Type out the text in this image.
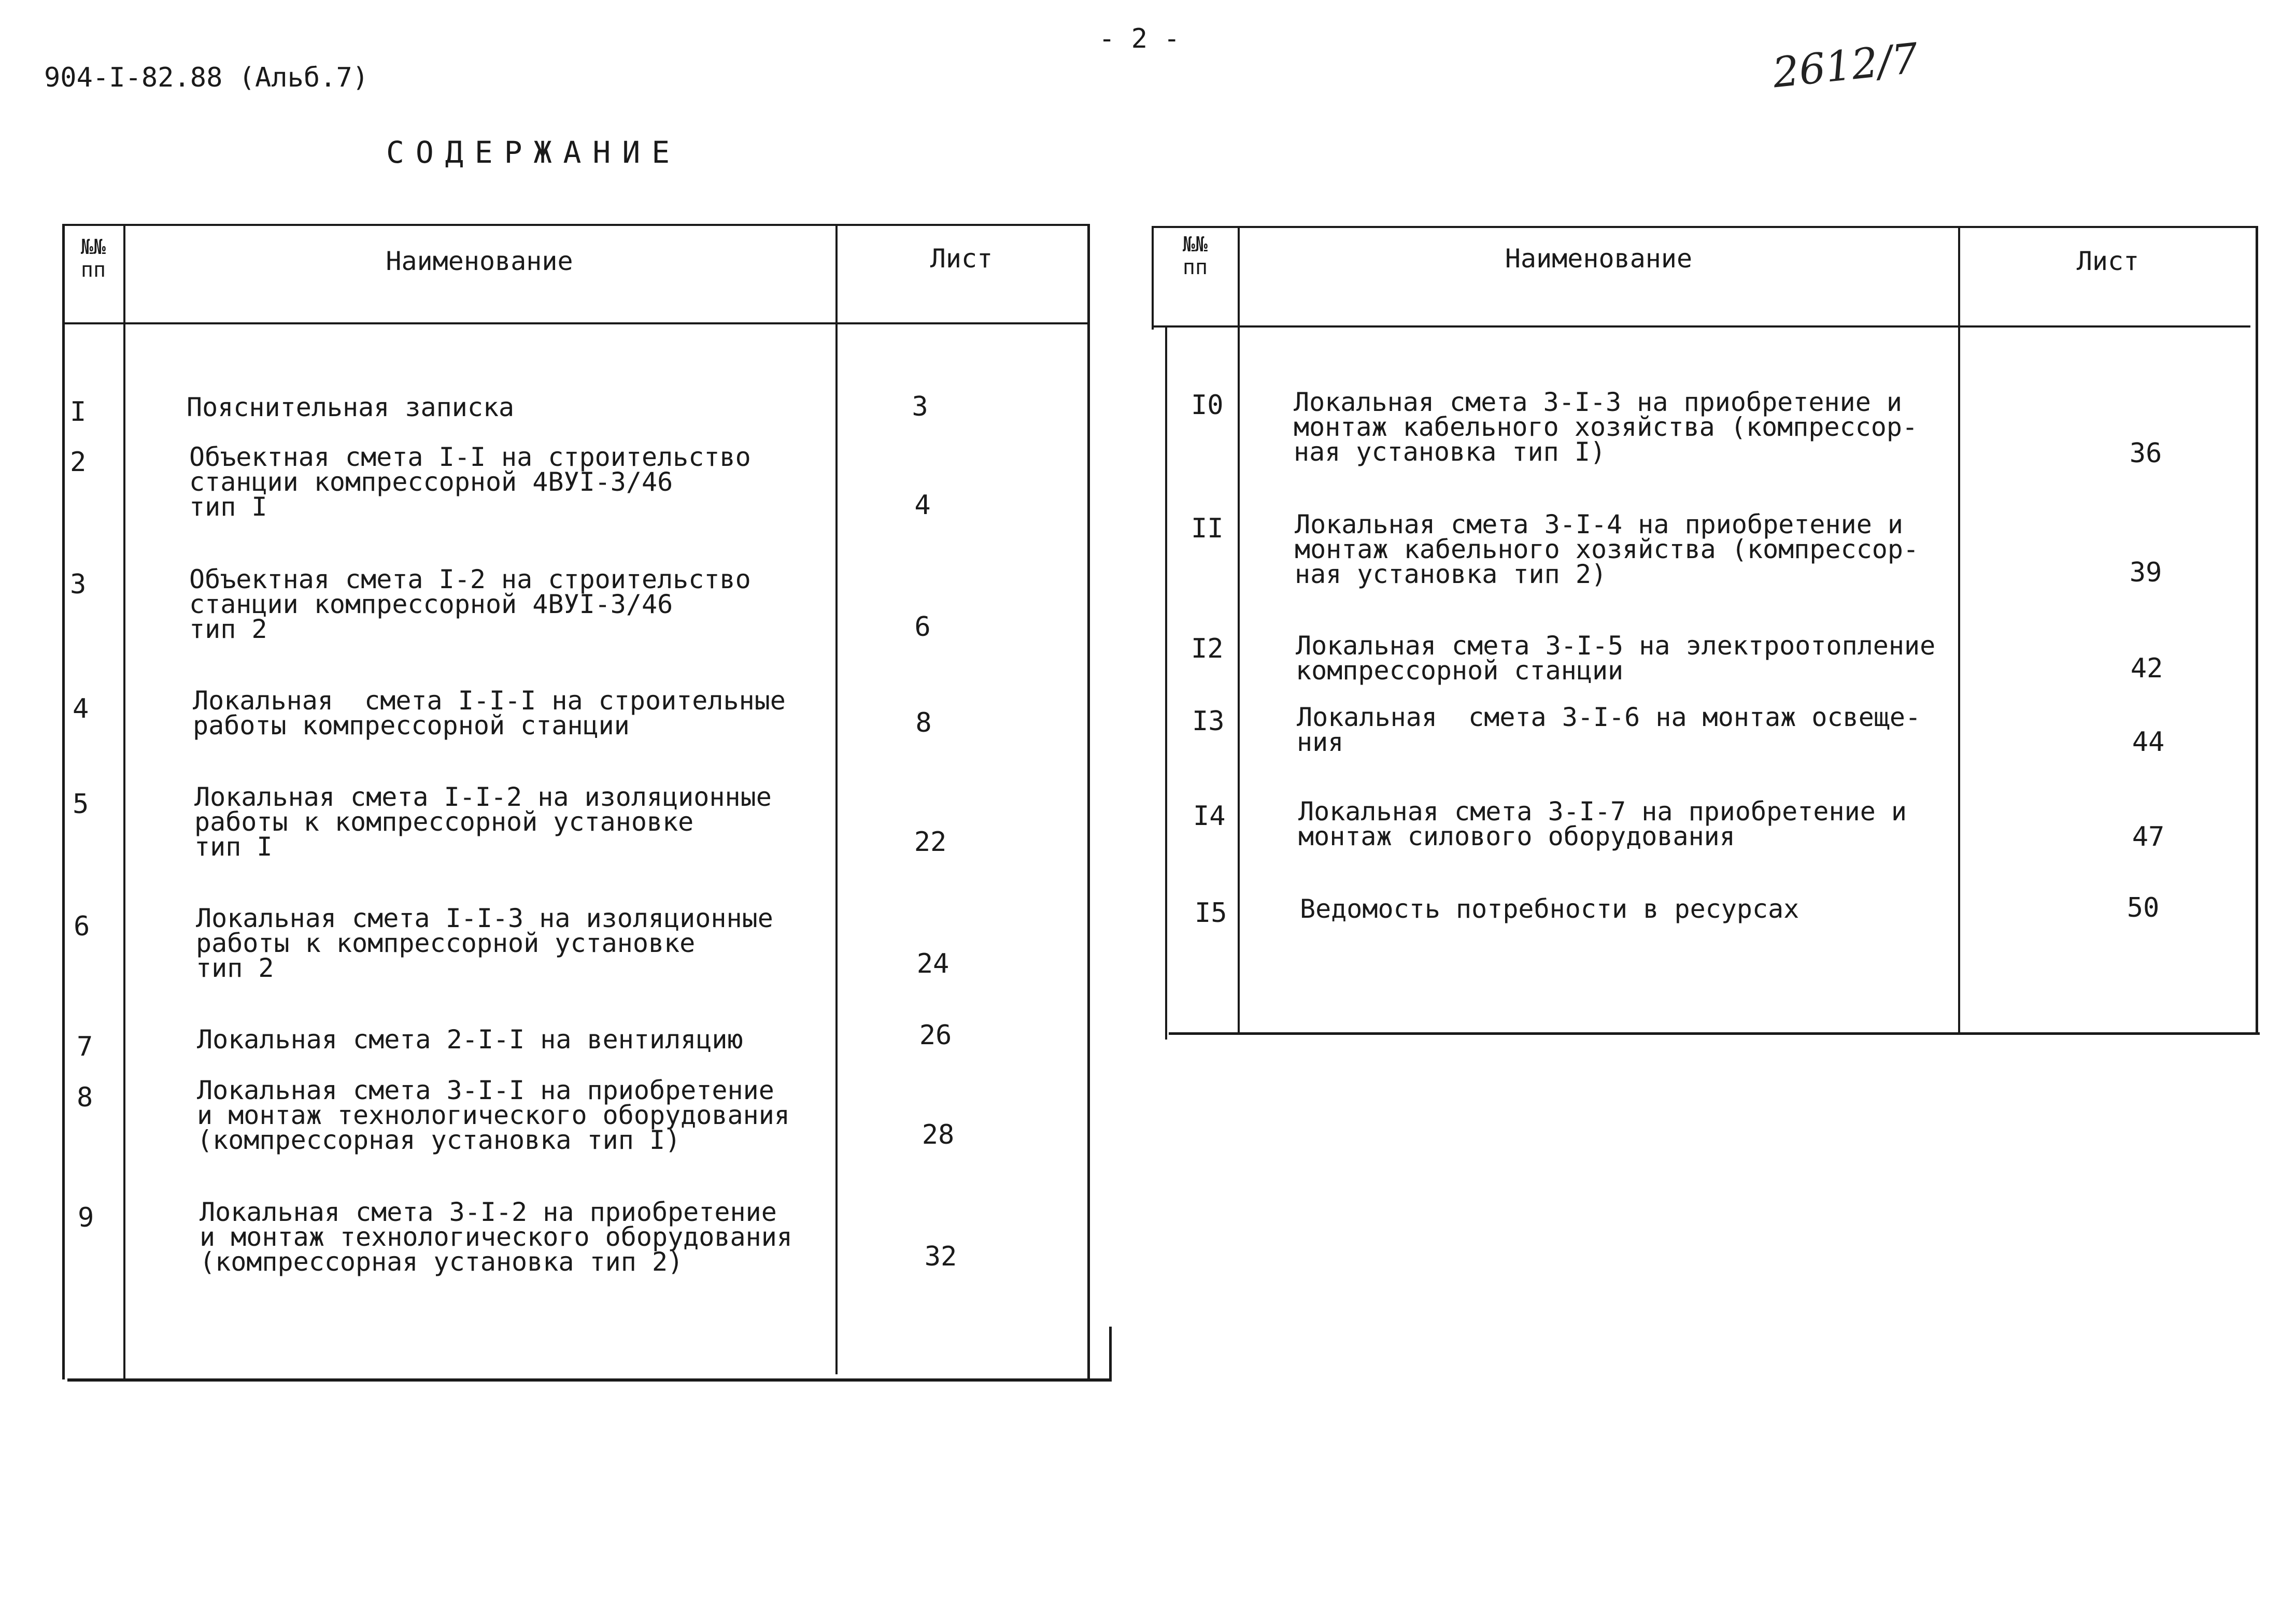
904-I-82.88 (Альб.7)
- 2 -	2612/7
СОДЕРЖАНИЕ
№№
пп	Наименование	Лист
I	Пояснительная записка	3
2	Объектная смета I-I на строительство
станции компрессорной 4ВУI-3/46
тип I	4
3	Объектная смета I-2 на строительство
станции компрессорной 4ВУI-3/46
тип 2	6
4	Локальная  смета I-I-I на строительные
работы компрессорной станции	8
5	Локальная смета I-I-2 на изоляционные
работы к компрессорной установке
тип I	22
6	Локальная смета I-I-3 на изоляционные
работы к компрессорной установке
тип 2	24
7	Локальная смета 2-I-I на вентиляцию	26
8	Локальная смета 3-I-I на приобретение
и монтаж технологического оборудования
(компрессорная установка тип I)	28
9	Локальная смета 3-I-2 на приобретение
и монтаж технологического оборудования
(компрессорная установка тип 2)	32
№№
пп	Наименование	Лист
I0	Локальная смета 3-I-3 на приобретение и
монтаж кабельного хозяйства (компрессор-
ная установка тип I)	36
II	Локальная смета 3-I-4 на приобретение и
монтаж кабельного хозяйства (компрессор-
ная установка тип 2)	39
I2	Локальная смета 3-I-5 на электроотопление
компрессорной станции	42
I3	Локальная  смета 3-I-6 на монтаж освеще-
ния	44
I4	Локальная смета 3-I-7 на приобретение и
монтаж силового оборудования	47
I5	Ведомость потребности в ресурсах	50
